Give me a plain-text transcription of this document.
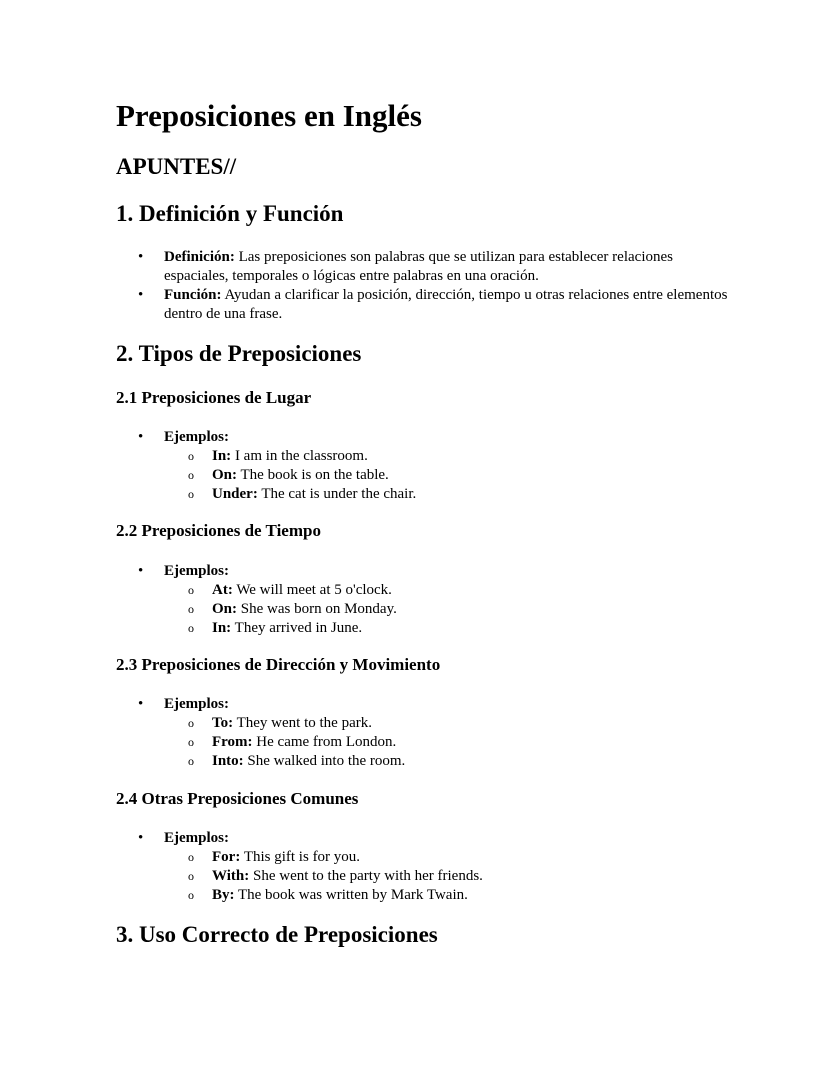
Preposiciones en Inglés
APUNTES//
1. Definición y Función
• Definición: Las preposiciones son palabras que se utilizan para establecer relaciones espaciales, temporales o lógicas entre palabras en una oración.
• Función: Ayudan a clarificar la posición, dirección, tiempo u otras relaciones entre elementos dentro de una frase.
2. Tipos de Preposiciones
2.1 Preposiciones de Lugar
• Ejemplos:
o In: I am in the classroom.
o On: The book is on the table.
o Under: The cat is under the chair.
2.2 Preposiciones de Tiempo
• Ejemplos:
o At: We will meet at 5 o'clock.
o On: She was born on Monday.
o In: They arrived in June.
2.3 Preposiciones de Dirección y Movimiento
• Ejemplos:
o To: They went to the park.
o From: He came from London.
o Into: She walked into the room.
2.4 Otras Preposiciones Comunes
• Ejemplos:
o For: This gift is for you.
o With: She went to the party with her friends.
o By: The book was written by Mark Twain.
3. Uso Correcto de Preposiciones
